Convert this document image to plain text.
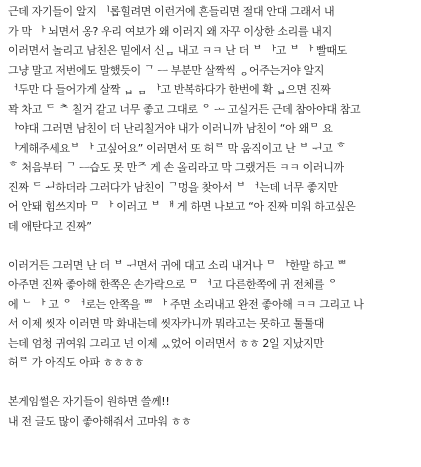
근데 자기들이 알지 ᅵ롭힐려면 이런거에 흔들리면 절대 안대 그래서 내
가 막 ᅡ 뇌면서 옹? 우리 여보가 왜 이러지 왜 자꾸 이상한 소리를 내지
이러면서 놀리고 남친은 밑에서 신ᆷ 내고 ㅋㅋ 난 더 ᄇ ᅡ고 ᄇ ᅡ 빨때도
그냥 말고 저번에도 말했듯이 ᄀ ᅳ 부분만 살짝씩 ᆼ어주는거야 알지
ᅥ두만 다 들어가게 살짝 ᆸ ᆷ ᅡ고 반복하다가 한번에 확 ᆸ으면 진짜
꽉 차고 ᄃ ᄎ 칠거 같고 너무 좋고 그대로 ᄋ ᅩ 고실거든 근데 참아야대 참고
ᅡ야대 그러면 남친이 더 난리칠거야 내가 이러니까 남친이 “아 왜ᄆ 요
ᅡ게해주세요ᄇ ᅡ 고싶어요” 이러면서 또 허ᄅ 막 움직이고 난 ᄇ ᅱ고 ᄒ
ᄒ 처음부터 ᄀ ᅳ습도 못 만ᄌ 게 손 올리라고 막 그랬거든 ㅋㅋ 이러니까
진짜 ᄃ ᅬ하더라 그러다가 남친이 ᄀ멍을 찾아서 ᄇ ᅥ는데 너무 좋지만
어 안돼 힘쓰지마 ᄆ ᅡ 이러고 ᄇ ᅢ 게 하면 나보고 “아 진짜 미워 하고싶은
데 애탄다고 진짜”
이러거든 그러면 난 더 ᄇ ᅱ면서 귀에 대고 소리 내거나 ᄆ ᅡ한말 하고 ᄈ
아주면 진짜 좋아해 한쪽은 손가락으로 ᄆ ᅥ고 다른한쪽에 귀 전체를 ᄋ
에 ᄂ ᅡ 고 ᄋ ᅥ로는 안쪽을 ᄈ ᅡ 주면 소리내고 완전 좋아해 ㅋㅋ 그리고 나
서 이제 씻자 이러면 막 화내는데 씻자카니까 뭐라고는 못하고 툴툴대
는데 엄청 귀여워 그리고 넌 이제 ᆻ었어 이러면서 ㅎㅎ 2일 지났지만
허ᄅ 가 아직도 아파 ㅎㅎㅎㅎ
본게임썰은 자기들이 원하면 쓸께!!
내 전 글도 많이 좋아해줘서 고마워 ㅎㅎ
